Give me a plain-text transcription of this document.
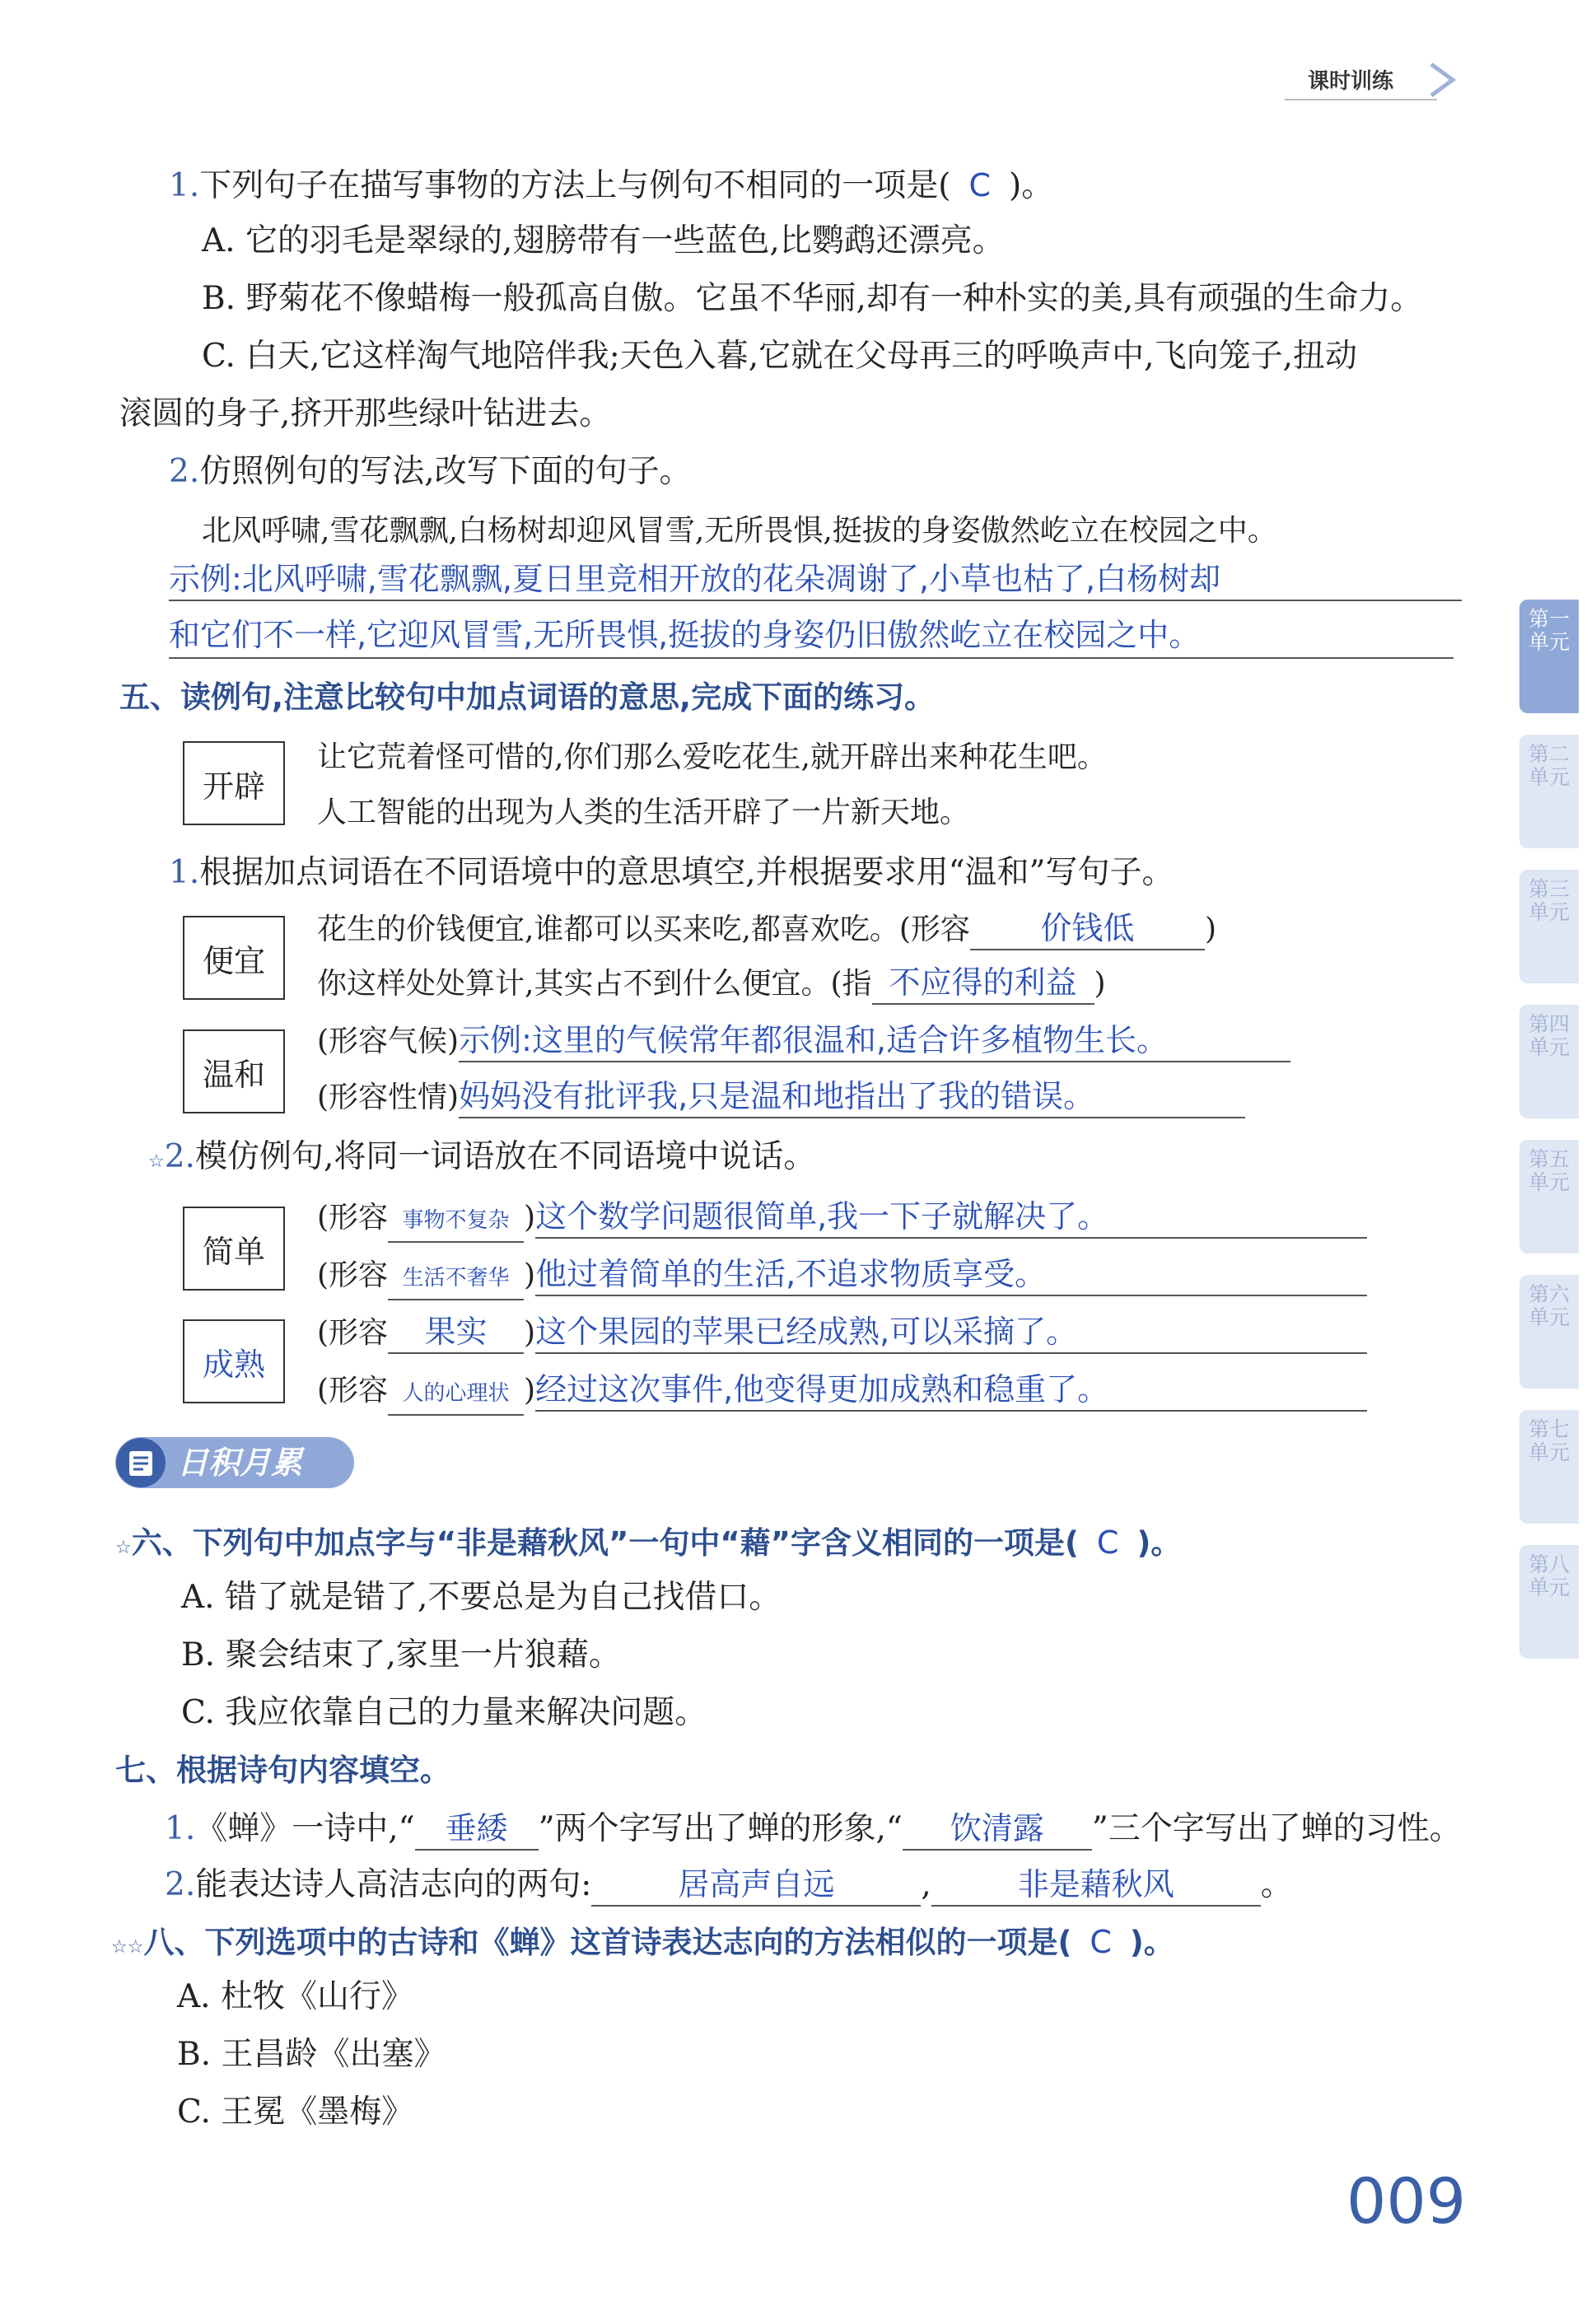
课时训练
1.下列句子在描写事物的方法上与例句不相同的一项是( C )。
A. 它的羽毛是翠绿的,翅膀带有一些蓝色,比鹦鹉还漂亮。
B. 野菊花不像蜡梅一般孤高自傲。它虽不华丽,却有一种朴实的美,具有顽强的生命力。
C. 白天,它这样淘气地陪伴我;天色入暮,它就在父母再三的呼唤声中,飞向笼子,扭动
滚圆的身子,挤开那些绿叶钻进去。
2.仿照例句的写法,改写下面的句子。
北风呼啸,雪花飘飘,白杨树却迎风冒雪,无所畏惧,挺拔的身姿傲然屹立在校园之中。
示例:北风呼啸,雪花飘飘,夏日里竞相开放的花朵凋谢了,小草也枯了,白杨树却
和它们不一样,它迎风冒雪,无所畏惧,挺拔的身姿仍旧傲然屹立在校园之中。
五、读例句,注意比较句中加点词语的意思,完成下面的练习。
开辟
让它荒着怪可惜的,你们那么爱吃花生,就开辟出来种花生吧。
人工智能的出现为人类的生活开辟了一片新天地。
1.根据加点词语在不同语境中的意思填空,并根据要求用“温和”写句子。
便宜
花生的价钱便宜,谁都可以买来吃,都喜欢吃。(形容 价钱低 )
你这样处处算计,其实占不到什么便宜。(指 不应得的利益 )
温和
(形容气候)示例:这里的气候常年都很温和,适合许多植物生长。
(形容性情)妈妈没有批评我,只是温和地指出了我的错误。
☆2.模仿例句,将同一词语放在不同语境中说话。
简单
(形容 事物不复杂 )这个数学问题很简单,我一下子就解决了。
(形容 生活不奢华 )他过着简单的生活,不追求物质享受。
成熟
(形容 果实 )这个果园的苹果已经成熟,可以采摘了。
(形容 人的心理状 )经过这次事件,他变得更加成熟和稳重了。
日积月累
☆六、下列句中加点字与“非是藉秋风”一句中“藉”字含义相同的一项是( C )。
A. 错了就是错了,不要总是为自己找借口。
B. 聚会结束了,家里一片狼藉。
C. 我应依靠自己的力量来解决问题。
七、根据诗句内容填空。
1.《蝉》一诗中,“ 垂緌 ”两个字写出了蝉的形象,“ 饮清露 ”三个字写出了蝉的习性。
2.能表达诗人高洁志向的两句:	居高声自远	,	非是藉秋风	。
☆☆八、下列选项中的古诗和《蝉》这首诗表达志向的方法相似的一项是( C )。
A. 杜牧《山行》
B. 王昌龄《出塞》
C. 王冕《墨梅》
009
第一单元
第二单元
第三单元
第四单元
第五单元
第六单元
第七单元
第八单元
